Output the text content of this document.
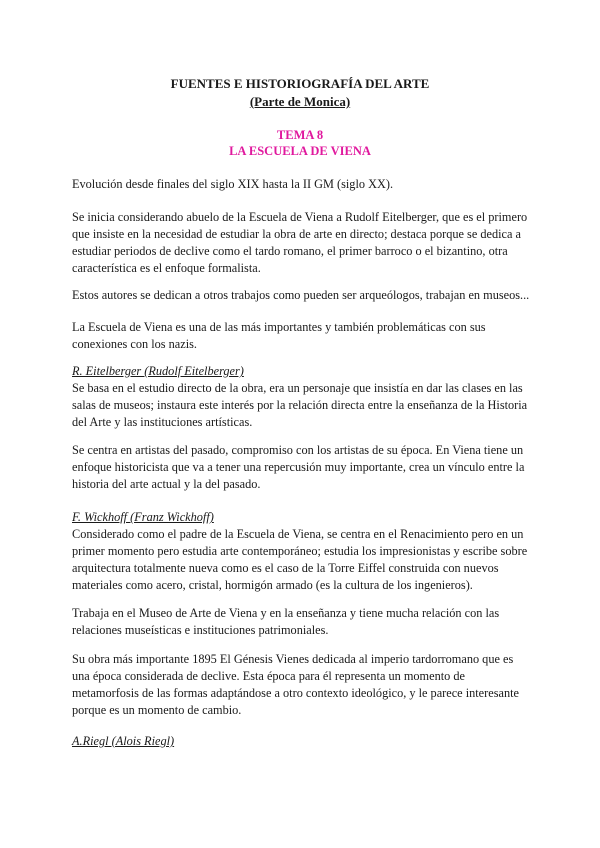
FUENTES E HISTORIOGRAFÍA DEL ARTE
(Parte de Monica)
TEMA 8
LA ESCUELA DE VIENA

Evolución desde finales del siglo XIX hasta la II GM (siglo XX).

Se inicia considerando abuelo de la Escuela de Viena a Rudolf Eitelberger, que es el primero que insiste en la necesidad de estudiar la obra de arte en directo; destaca porque se dedica a estudiar periodos de declive como el tardo romano, el primer barroco o el bizantino, otra característica es el enfoque formalista.

Estos autores se dedican a otros trabajos como pueden ser arqueólogos, trabajan en museos...

La Escuela de Viena es una de las más importantes y también problemáticas con sus conexiones con los nazis.

R. Eitelberger (Rudolf Eitelberger)

Se basa en el estudio directo de la obra, era un personaje que insistía en dar las clases en las salas de museos; instaura este interés por la relación directa entre la enseñanza de la Historia del Arte y las instituciones artísticas.

Se centra en artistas del pasado, compromiso con los artistas de su época. En Viena tiene un enfoque historicista que va a tener una repercusión muy importante, crea un vínculo entre la historia del arte actual y la del pasado.

F. Wickhoff (Franz Wickhoff)

Considerado como el padre de la Escuela de Viena, se centra en el Renacimiento pero en un primer momento pero estudia arte contemporáneo; estudia los impresionistas y escribe sobre arquitectura totalmente nueva como es el caso de la Torre Eiffel construida con nuevos materiales como acero, cristal, hormigón armado (es la cultura de los ingenieros).

Trabaja en el Museo de Arte de Viena y en la enseñanza y tiene mucha relación con las relaciones museísticas e instituciones patrimoniales.

Su obra más importante 1895 El Génesis Vienes dedicada al imperio tardorromano que es una época considerada de declive. Esta época para él representa un momento de metamorfosis de las formas adaptándose a otro contexto ideológico, y le parece interesante porque es un momento de cambio.

A.Riegl (Alois Riegl)
